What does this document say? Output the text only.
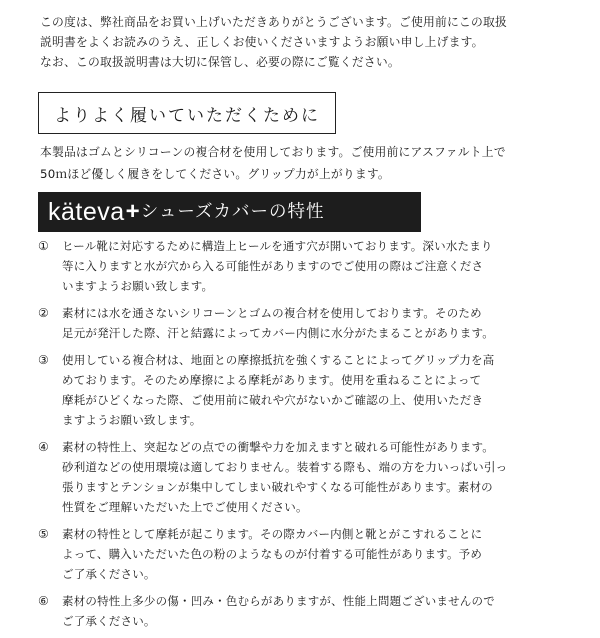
この度は、弊社商品をお買い上げいただきありがとうございます。ご使用前にこの取扱

説明書をよくお読みのうえ、正しくお使いくださいますようお願い申し上げます。

なお、この取扱説明書は大切に保管し、必要の際にご覧ください。

よりよく履いていただくために

本製品はゴムとシリコーンの複合材を使用しております。ご使用前にアスファルト上で

50ｍほど優しく履きをしてください。グリップ力が上がります。

käteva + シューズカバーの特性
①	ヒール靴に対応するために構造上ヒールを通す穴が開いております。深い水たまり
等に入りますと水が穴から入る可能性がありますのでご使用の際はご注意くださ
いますようお願い致します。
②	素材には水を通さないシリコーンとゴムの複合材を使用しております。そのため
足元が発汗した際、汗と結露によってカバー内側に水分がたまることがあります。
③	使用している複合材は、地面との摩擦抵抗を強くすることによってグリップ力を高
めております。そのため摩擦による摩耗があります。使用を重ねることによって
摩耗がひどくなった際、ご使用前に破れや穴がないかご確認の上、使用いただき
ますようお願い致します。
④	素材の特性上、突起などの点での衝撃や力を加えますと破れる可能性があります。
砂利道などの使用環境は適しておりません。装着する際も、端の方を力いっぱい引っ
張りますとテンションが集中してしまい破れやすくなる可能性があります。素材の
性質をご理解いただいた上でご使用ください。
⑤	素材の特性として摩耗が起こります。その際カバー内側と靴とがこすれることに
よって、購入いただいた色の粉のようなものが付着する可能性があります。予め
ご了承ください。
⑥	素材の特性上多少の傷・凹み・色むらがありますが、性能上問題ございませんので
ご了承ください。
